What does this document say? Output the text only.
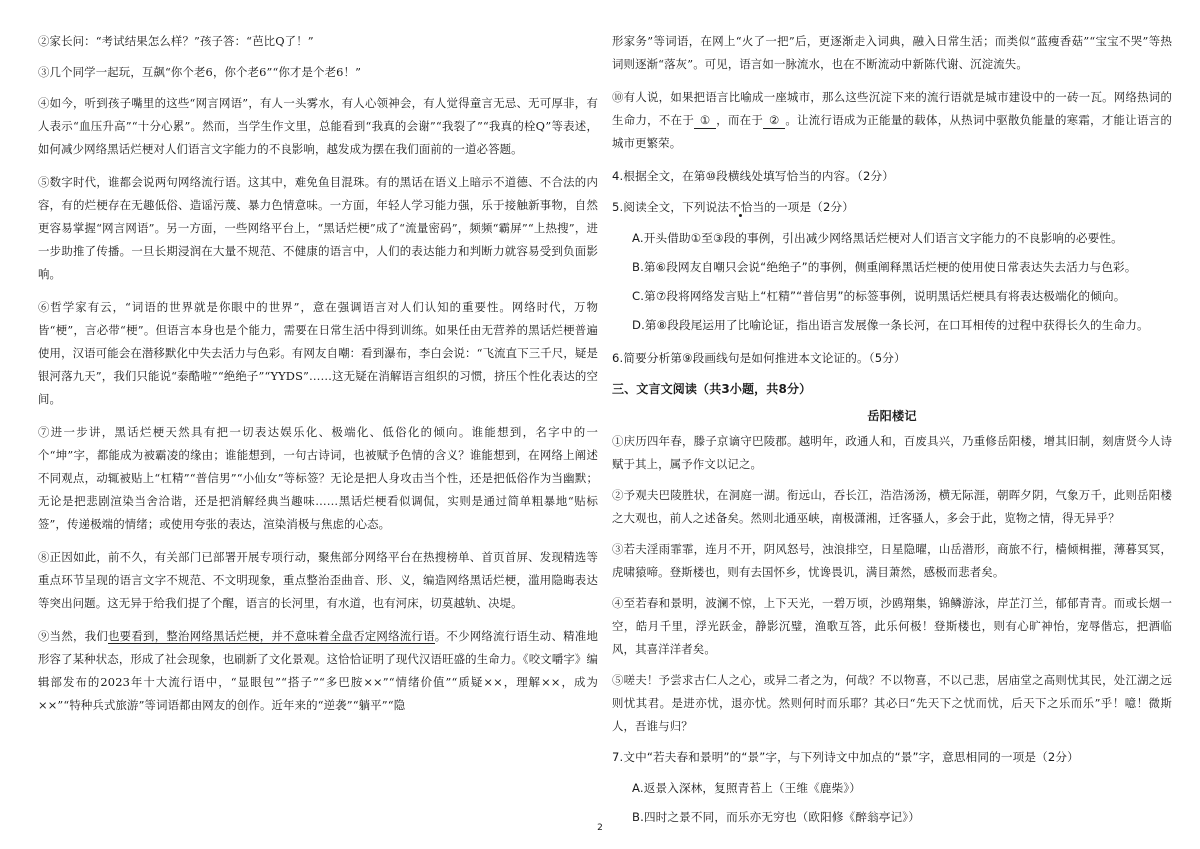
②家长问：“考试结果怎么样？”孩子答：“芭比Q了！”

③几个同学一起玩，互飙“你个老6，你个老6”“你才是个老6！”

④如今，听到孩子嘴里的这些“网言网语”，有人一头雾水，有人心领神会，有人觉得童言无忌、无可厚非，有人表示“血压升高”“十分心累”。然而，当学生作文里，总能看到“我真的会谢”“我裂了”“我真的栓Q”等表述，如何减少网络黑话烂梗对人们语言文字能力的不良影响，越发成为摆在我们面前的一道必答题。

⑤数字时代，谁都会说两句网络流行语。这其中，难免鱼目混珠。有的黑话在语义上暗示不道德、不合法的内容，有的烂梗存在无趣低俗、造谣污蔑、暴力色情意味。一方面，年轻人学习能力强，乐于接触新事物，自然更容易掌握“网言网语”。另一方面，一些网络平台上，“黑话烂梗”成了“流量密码”，频频“霸屏”“上热搜”，进一步助推了传播。一旦长期浸润在大量不规范、不健康的语言中，人们的表达能力和判断力就容易受到负面影响。

⑥哲学家有云，“词语的世界就是你眼中的世界”，意在强调语言对人们认知的重要性。网络时代，万物皆“梗”，言必带“梗”。但语言本身也是个能力，需要在日常生活中得到训练。如果任由无营养的黑话烂梗普遍使用，汉语可能会在潜移默化中失去活力与色彩。有网友自嘲：看到瀑布，李白会说：“飞流直下三千尺，疑是银河落九天”，我们只能说“泰酷啦”“绝绝子”“YYDS”……这无疑在消解语言组织的习惯，挤压个性化表达的空间。

⑦进一步讲，黑话烂梗天然具有把一切表达娱乐化、极端化、低俗化的倾向。谁能想到，名字中的一个“坤”字，都能成为被霸凌的缘由；谁能想到，一句古诗词，也被赋予色情的含义？谁能想到，在网络上阐述不同观点，动辄被贴上“杠精”“普信男”“小仙女”等标签？无论是把人身攻击当个性，还是把低俗作为当幽默；无论是把悲剧渲染当舍洽谐，还是把消解经典当趣味……黑话烂梗看似调侃，实则是通过简单粗暴地“贴标签”，传递极端的情绪；或使用夸张的表达，渲染消极与焦虑的心态。

⑧正因如此，前不久，有关部门已部署开展专项行动，聚焦部分网络平台在热搜榜单、首页首屏、发现精选等重点环节呈现的语言文字不规范、不文明现象，重点整治歪曲音、形、义，编造网络黑话烂梗，滥用隐晦表达等突出问题。这无异于给我们提了个醒，语言的长河里，有水道，也有河床，切莫越轨、决堤。

⑨当然，我们也要看到，整治网络黑话烂梗，并不意味着全盘否定网络流行语。不少网络流行语生动、精准地形容了某种状态，形成了社会现象，也刷新了文化景观。这恰恰证明了现代汉语旺盛的生命力。《咬文嚼字》编辑部发布的2023年十大流行语中，“显眼包”“搭子”“多巴胺××”“情绪价值”“质疑××，理解××，成为××”“特种兵式旅游”等词语都由网友的创作。近年来的“逆袭”“躺平”“隐

形家务”等词语，在网上“火了一把”后，更逐渐走入词典，融入日常生活；而类似“蓝瘦香菇”“宝宝不哭”等热词则逐渐“落灰”。可见，语言如一脉流水，也在不断流动中新陈代谢、沉淀流失。

⑩有人说，如果把语言比喻成一座城市，那么这些沉淀下来的流行语就是城市建设中的一砖一瓦。网络热词的生命力，不在于 ① ，而在于 ② 。让流行语成为正能量的载体，从热词中驱散负能量的寒霜，才能让语言的城市更繁荣。

4.根据全文，在第⑩段横线处填写恰当的内容。（2分）
5.阅读全文，下列说法不恰当的一项是（2分）
A.开头借助①至③段的事例，引出减少网络黑话烂梗对人们语言文字能力的不良影响的必要性。
B.第⑥段网友自嘲只会说“绝绝子”的事例，侧重阐释黑话烂梗的使用使日常表达失去活力与色彩。
C.第⑦段将网络发言贴上“杠精”“普信男”的标签事例，说明黑话烂梗具有将表达极端化的倾向。
D.第⑧段段尾运用了比喻论证，指出语言发展像一条长河，在口耳相传的过程中获得长久的生命力。
6.简要分析第⑨段画线句是如何推进本文论证的。（5分）
三、文言文阅读（共3小题，共8分）
岳阳楼记

①庆历四年春，滕子京谪守巴陵郡。越明年，政通人和，百废具兴，乃重修岳阳楼，增其旧制，刻唐贤今人诗赋于其上，属予作文以记之。

②予观夫巴陵胜状，在洞庭一湖。衔远山，吞长江，浩浩汤汤，横无际涯，朝晖夕阴，气象万千，此则岳阳楼之大观也，前人之述备矣。然则北通巫峡，南极潇湘，迁客骚人，多会于此，览物之情，得无异乎？

③若夫淫雨霏霏，连月不开，阴风怒号，浊浪排空，日星隐曜，山岳潜形，商旅不行，樯倾楫摧，薄暮冥冥，虎啸猿啼。登斯楼也，则有去国怀乡，忧谗畏讥，满目萧然，感极而悲者矣。

④至若春和景明，波澜不惊，上下天光，一碧万顷，沙鸥翔集，锦鳞游泳，岸芷汀兰，郁郁青青。而或长烟一空，皓月千里，浮光跃金，静影沉璧，渔歌互答，此乐何极！登斯楼也，则有心旷神怡，宠辱偕忘，把酒临风，其喜洋洋者矣。

⑤嗟夫！予尝求古仁人之心，或异二者之为，何哉？不以物喜，不以己悲，居庙堂之高则忧其民，处江湖之远则忧其君。是进亦忧，退亦忧。然则何时而乐耶？其必曰“先天下之忧而忧，后天下之乐而乐”乎！噫！微斯人，吾谁与归？

7.文中“若夫春和景明”的“景”字，与下列诗文中加点的“景”字，意思相同的一项是（2分）
A.返景入深林，复照青苔上（王维《鹿柴》）
B.四时之景不同，而乐亦无穷也（欧阳修《醉翁亭记》）
2
